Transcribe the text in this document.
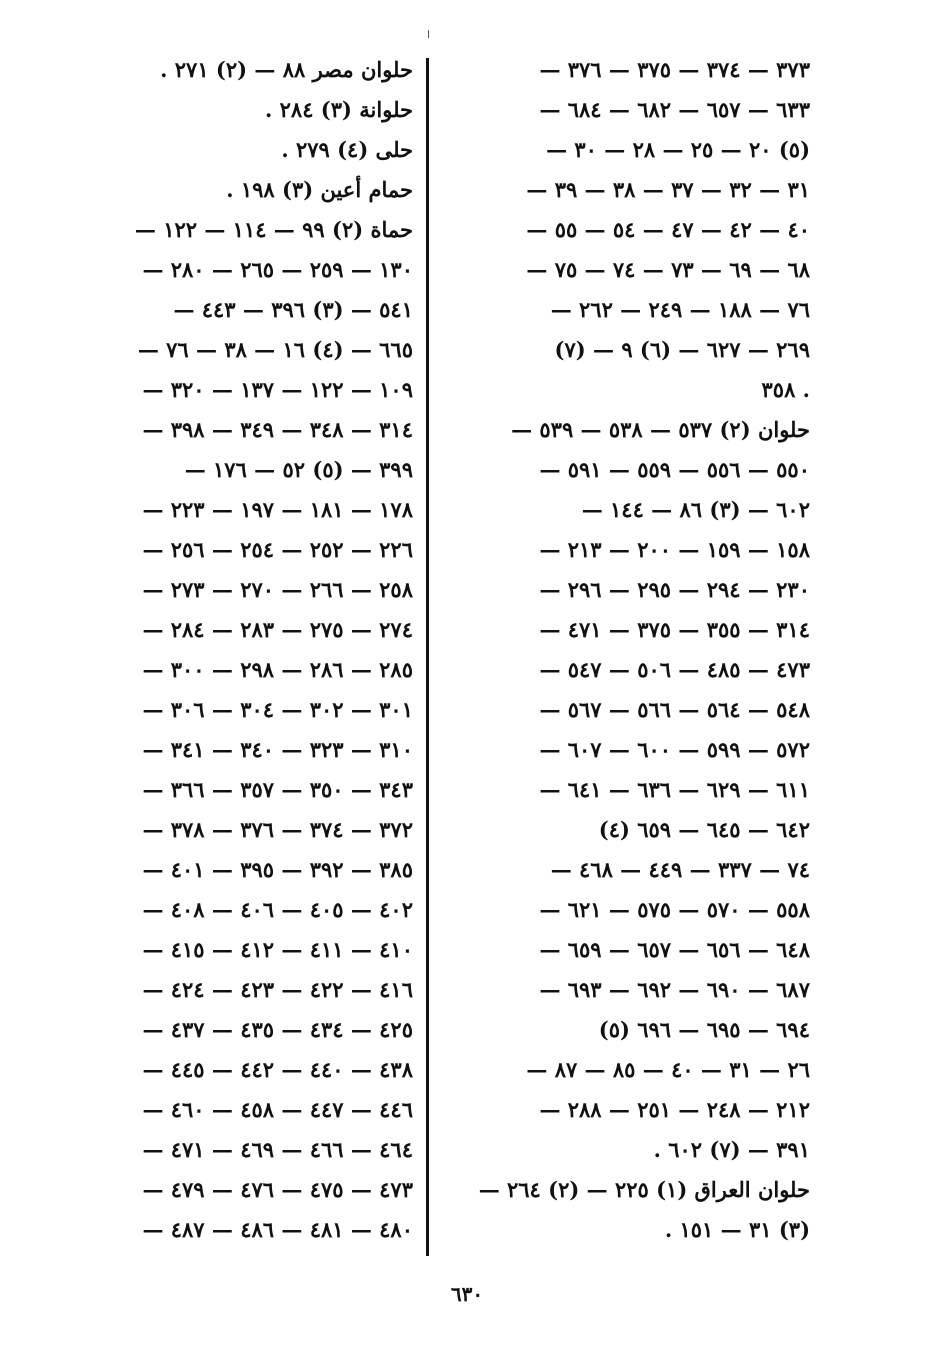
٣٧٣ — ٣٧٤ — ٣٧٥ — ٣٧٦ —
٦٣٣ — ٦٥٧ — ٦٨٢ — ٦٨٤ —
(٥) ٢٠ — ٢٥ — ٢٨ — ٣٠ —
٣١ — ٣٢ — ٣٧ — ٣٨ — ٣٩ —
٤٠ — ٤٢ — ٤٧ — ٥٤ — ٥٥ —
٦٨ — ٦٩ — ٧٣ — ٧٤ — ٧٥ —
٧٦ — ١٨٨ — ٢٤٩ — ٢٦٢ —
٢٦٩ — ٦٢٧ — (٦) ٩ — (٧)
. ٣٥٨
حلوان (٢) ٥٣٧ — ٥٣٨ — ٥٣٩ —
٥٥٠ — ٥٥٦ — ٥٥٩ — ٥٩١ —
٦٠٢ — (٣) ٨٦ — ١٤٤ —
١٥٨ — ١٥٩ — ٢٠٠ — ٢١٣ —
٢٣٠ — ٢٩٤ — ٢٩٥ — ٢٩٦ —
٣١٤ — ٣٥٥ — ٣٧٥ — ٤٧١ —
٤٧٣ — ٤٨٥ — ٥٠٦ — ٥٤٧ —
٥٤٨ — ٥٦٤ — ٥٦٦ — ٥٦٧ —
٥٧٢ — ٥٩٩ — ٦٠٠ — ٦٠٧ —
٦١١ — ٦٢٩ — ٦٣٦ — ٦٤١ —
٦٤٢ — ٦٤٥ — ٦٥٩ (٤)
٧٤ — ٣٣٧ — ٤٤٩ — ٤٦٨ —
٥٥٨ — ٥٧٠ — ٥٧٥ — ٦٢١ —
٦٤٨ — ٦٥٦ — ٦٥٧ — ٦٥٩ —
٦٨٧ — ٦٩٠ — ٦٩٢ — ٦٩٣ —
٦٩٤ — ٦٩٥ — ٦٩٦ (٥)
٢٦ — ٣١ — ٤٠ — ٨٥ — ٨٧ —
٢١٢ — ٢٤٨ — ٢٥١ — ٢٨٨ —
٣٩١ — (٧) ٦٠٢ .
حلوان العراق (١) ٢٢٥ — (٢) ٢٦٤ —
(٣) ٣١ — ١٥١ .
حلوان مصر ٨٨ — (٢) ٢٧١ .
حلوانة (٣) ٢٨٤ .
حلى (٤) ٢٧٩ .
حمام أعين (٣) ١٩٨ .
حماة (٢) ٩٩ — ١١٤ — ١٢٢ —
١٣٠ — ٢٥٩ — ٢٦٥ — ٢٨٠ —
٥٤١ — (٣) ٣٩٦ — ٤٤٣ —
٦٦٥ — (٤) ١٦ — ٣٨ — ٧٦ —
١٠٩ — ١٢٢ — ١٣٧ — ٣٢٠ —
٣١٤ — ٣٤٨ — ٣٤٩ — ٣٩٨ —
٣٩٩ — (٥) ٥٢ — ١٧٦ —
١٧٨ — ١٨١ — ١٩٧ — ٢٢٣ —
٢٢٦ — ٢٥٢ — ٢٥٤ — ٢٥٦ —
٢٥٨ — ٢٦٦ — ٢٧٠ — ٢٧٣ —
٢٧٤ — ٢٧٥ — ٢٨٣ — ٢٨٤ —
٢٨٥ — ٢٨٦ — ٢٩٨ — ٣٠٠ —
٣٠١ — ٣٠٢ — ٣٠٤ — ٣٠٦ —
٣١٠ — ٣٢٣ — ٣٤٠ — ٣٤١ —
٣٤٣ — ٣٥٠ — ٣٥٧ — ٣٦٦ —
٣٧٢ — ٣٧٤ — ٣٧٦ — ٣٧٨ —
٣٨٥ — ٣٩٢ — ٣٩٥ — ٤٠١ —
٤٠٢ — ٤٠٥ — ٤٠٦ — ٤٠٨ —
٤١٠ — ٤١١ — ٤١٢ — ٤١٥ —
٤١٦ — ٤٢٢ — ٤٢٣ — ٤٢٤ —
٤٢٥ — ٤٣٤ — ٤٣٥ — ٤٣٧ —
٤٣٨ — ٤٤٠ — ٤٤٢ — ٤٤٥ —
٤٤٦ — ٤٤٧ — ٤٥٨ — ٤٦٠ —
٤٦٤ — ٤٦٦ — ٤٦٩ — ٤٧١ —
٤٧٣ — ٤٧٥ — ٤٧٦ — ٤٧٩ —
٤٨٠ — ٤٨١ — ٤٨٦ — ٤٨٧ —
٦٣٠
